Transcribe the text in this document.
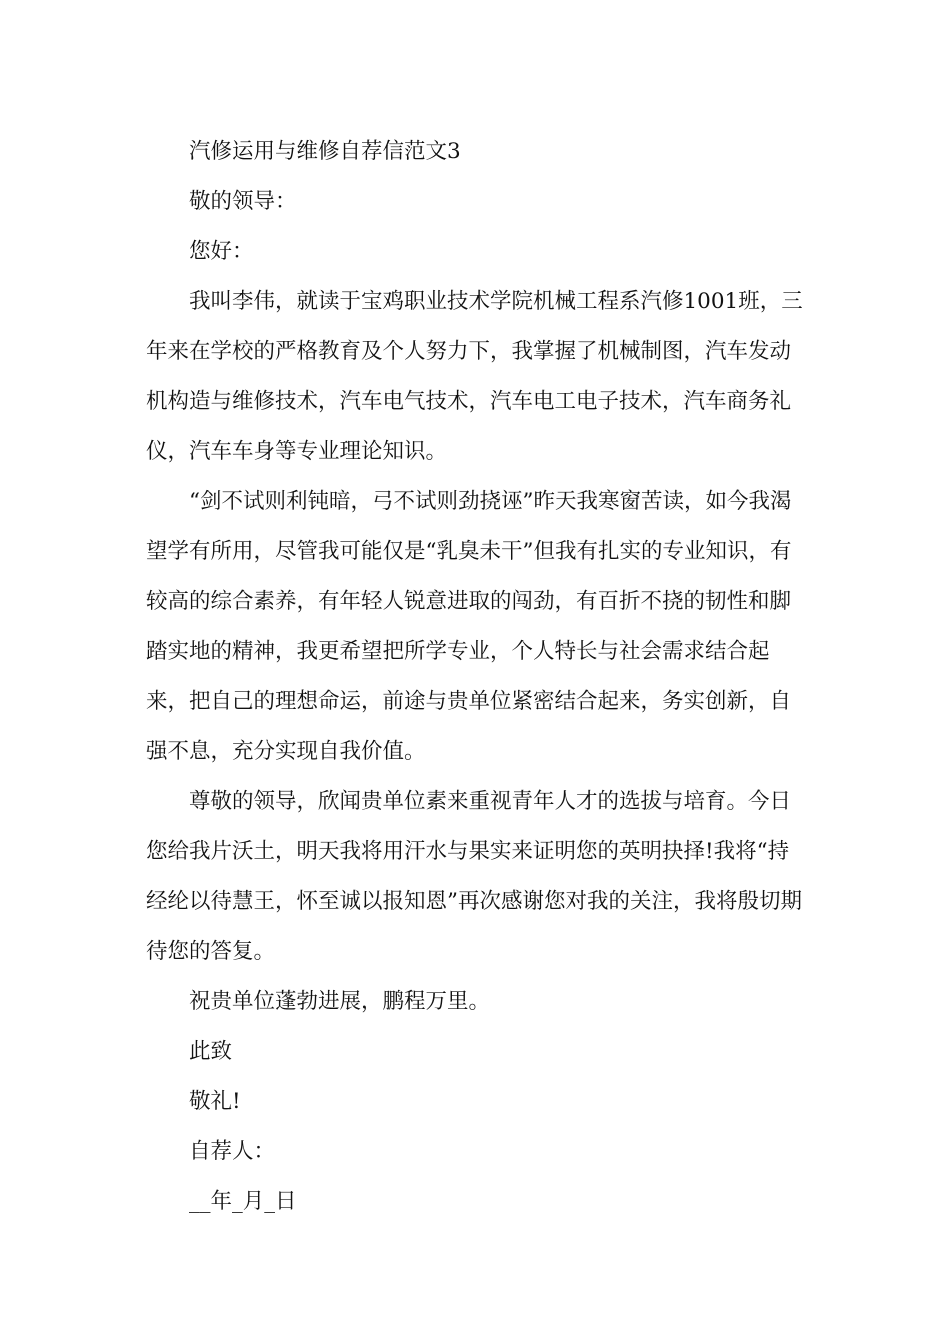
汽修运用与维修自荐信范文3
敬的领导：
您好：
我叫李伟，就读于宝鸡职业技术学院机械工程系汽修1001班，三年来在学校的严格教育及个人努力下，我掌握了机械制图，汽车发动机构造与维修技术，汽车电气技术，汽车电工电子技术，汽车商务礼仪，汽车车身等专业理论知识。
“剑不试则利钝暗，弓不试则劲挠诬”昨天我寒窗苦读，如今我渴望学有所用，尽管我可能仅是“乳臭未干”但我有扎实的专业知识，有较高的综合素养，有年轻人锐意进取的闯劲，有百折不挠的韧性和脚踏实地的精神，我更希望把所学专业，个人特长与社会需求结合起来，把自己的理想命运，前途与贵单位紧密结合起来，务实创新，自强不息，充分实现自我价值。
尊敬的领导，欣闻贵单位素来重视青年人才的选拔与培育。今日您给我片沃土，明天我将用汗水与果实来证明您的英明抉择!我将“持经纶以待慧王，怀至诚以报知恩”再次感谢您对我的关注，我将殷切期待您的答复。
祝贵单位蓬勃进展，鹏程万里。
此致
敬礼!
自荐人：
__年_月_日
